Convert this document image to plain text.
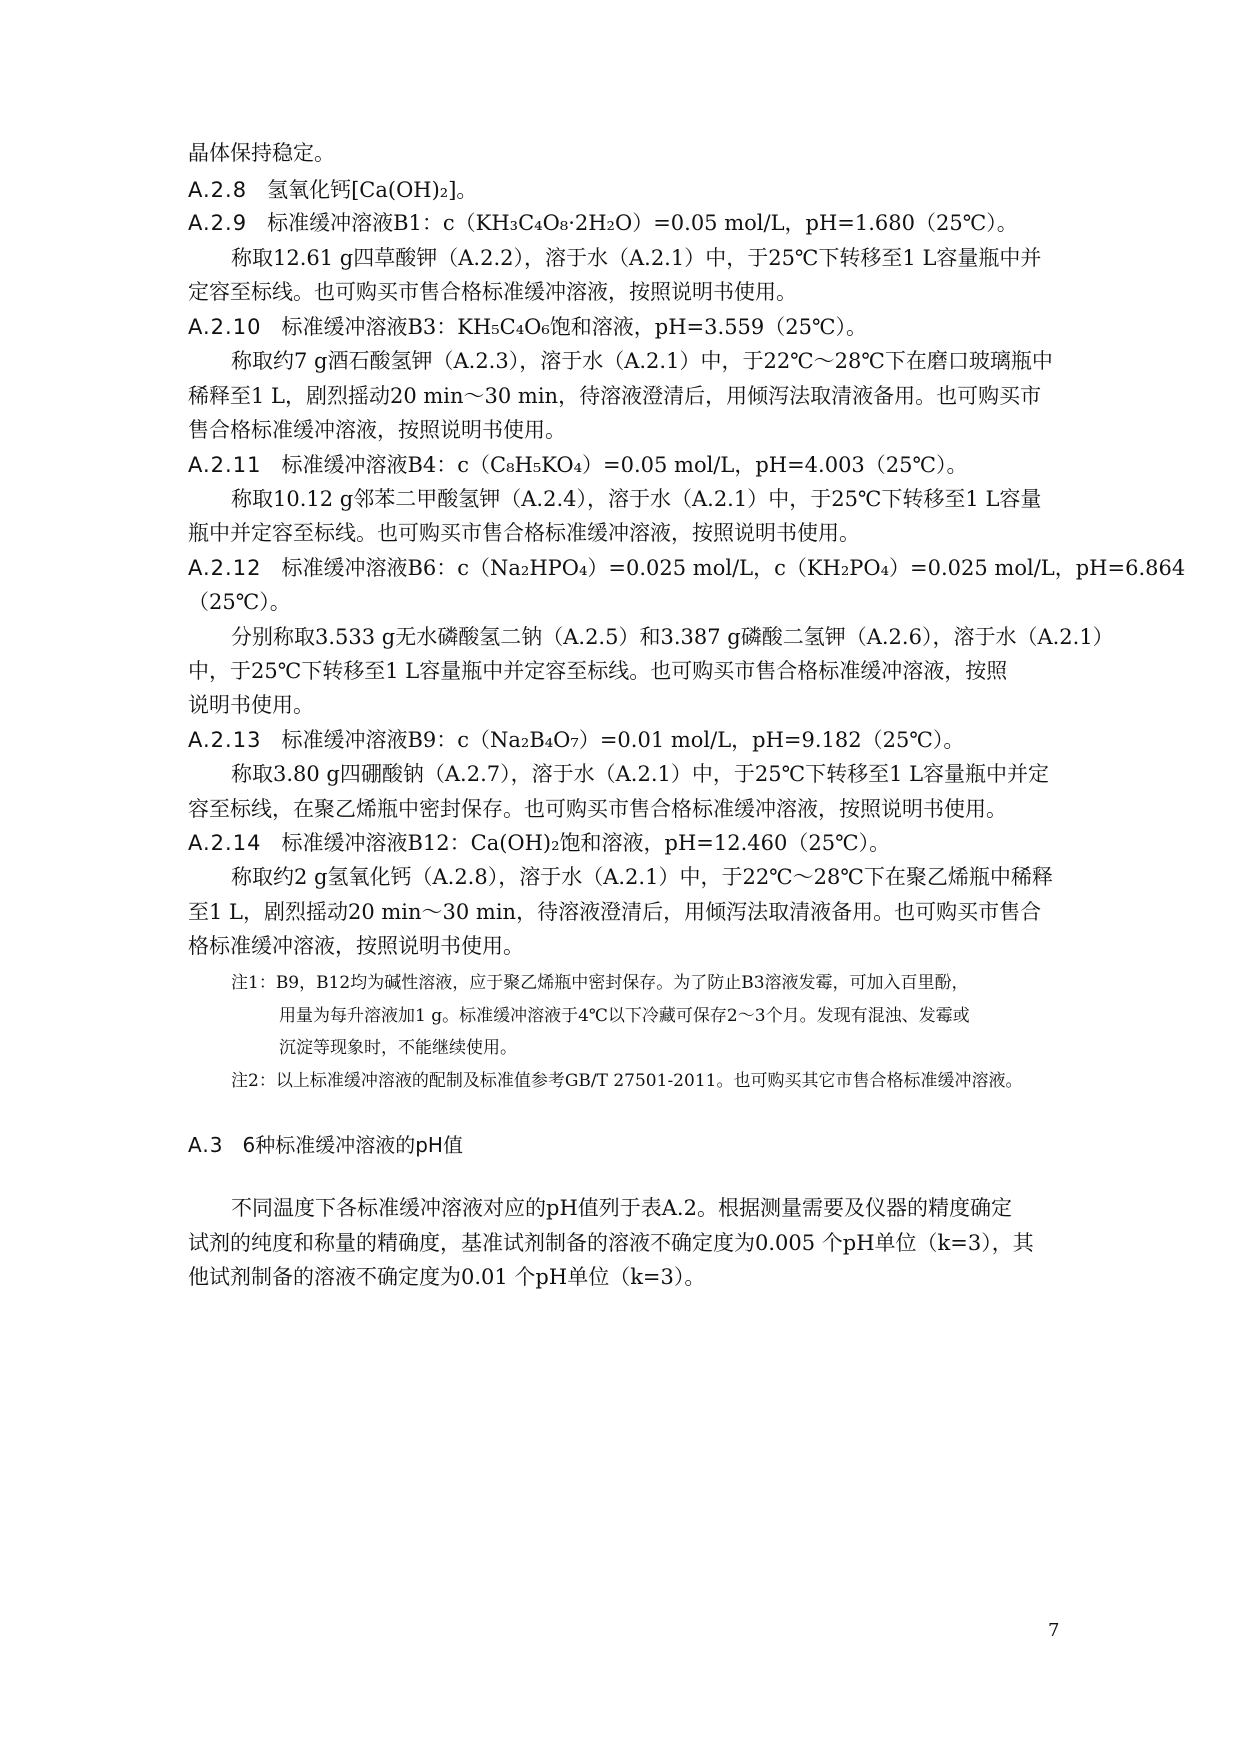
晶体保持稳定。
A.2.8 氢氧化钙[Ca(OH)₂]。
A.2.9 标准缓冲溶液B1：c（KH₃C₄O₈·2H₂O）=0.05 mol/L，pH=1.680（25℃）。
称取12.61 g四草酸钾（A.2.2），溶于水（A.2.1）中，于25℃下转移至1 L容量瓶中并
定容至标线。也可购买市售合格标准缓冲溶液，按照说明书使用。
A.2.10 标准缓冲溶液B3：KH₅C₄O₆饱和溶液，pH=3.559（25℃）。
称取约7 g酒石酸氢钾（A.2.3），溶于水（A.2.1）中，于22℃～28℃下在磨口玻璃瓶中
稀释至1 L，剧烈摇动20 min～30 min，待溶液澄清后，用倾泻法取清液备用。也可购买市
售合格标准缓冲溶液，按照说明书使用。
A.2.11 标准缓冲溶液B4：c（C₈H₅KO₄）=0.05 mol/L，pH=4.003（25℃）。
称取10.12 g邻苯二甲酸氢钾（A.2.4），溶于水（A.2.1）中，于25℃下转移至1 L容量
瓶中并定容至标线。也可购买市售合格标准缓冲溶液，按照说明书使用。
A.2.12 标准缓冲溶液B6：c（Na₂HPO₄）=0.025 mol/L，c（KH₂PO₄）=0.025 mol/L，pH=6.864
（25℃）。
分别称取3.533 g无水磷酸氢二钠（A.2.5）和3.387 g磷酸二氢钾（A.2.6），溶于水（A.2.1）
中，于25℃下转移至1 L容量瓶中并定容至标线。也可购买市售合格标准缓冲溶液，按照
说明书使用。
A.2.13 标准缓冲溶液B9：c（Na₂B₄O₇）=0.01 mol/L，pH=9.182（25℃）。
称取3.80 g四硼酸钠（A.2.7），溶于水（A.2.1）中，于25℃下转移至1 L容量瓶中并定
容至标线，在聚乙烯瓶中密封保存。也可购买市售合格标准缓冲溶液，按照说明书使用。
A.2.14 标准缓冲溶液B12：Ca(OH)₂饱和溶液，pH=12.460（25℃）。
称取约2 g氢氧化钙（A.2.8），溶于水（A.2.1）中，于22℃～28℃下在聚乙烯瓶中稀释
至1 L，剧烈摇动20 min～30 min，待溶液澄清后，用倾泻法取清液备用。也可购买市售合
格标准缓冲溶液，按照说明书使用。
注1：B9，B12均为碱性溶液，应于聚乙烯瓶中密封保存。为了防止B3溶液发霉，可加入百里酚，
用量为每升溶液加1 g。标准缓冲溶液于4℃以下冷藏可保存2～3个月。发现有混浊、发霉或
沉淀等现象时，不能继续使用。
注2：以上标准缓冲溶液的配制及标准值参考GB/T 27501-2011。也可购买其它市售合格标准缓冲溶液。
A.3 6种标准缓冲溶液的pH值
不同温度下各标准缓冲溶液对应的pH值列于表A.2。根据测量需要及仪器的精度确定
试剂的纯度和称量的精确度，基准试剂制备的溶液不确定度为0.005 个pH单位（k=3），其
他试剂制备的溶液不确定度为0.01 个pH单位（k=3）。
7
